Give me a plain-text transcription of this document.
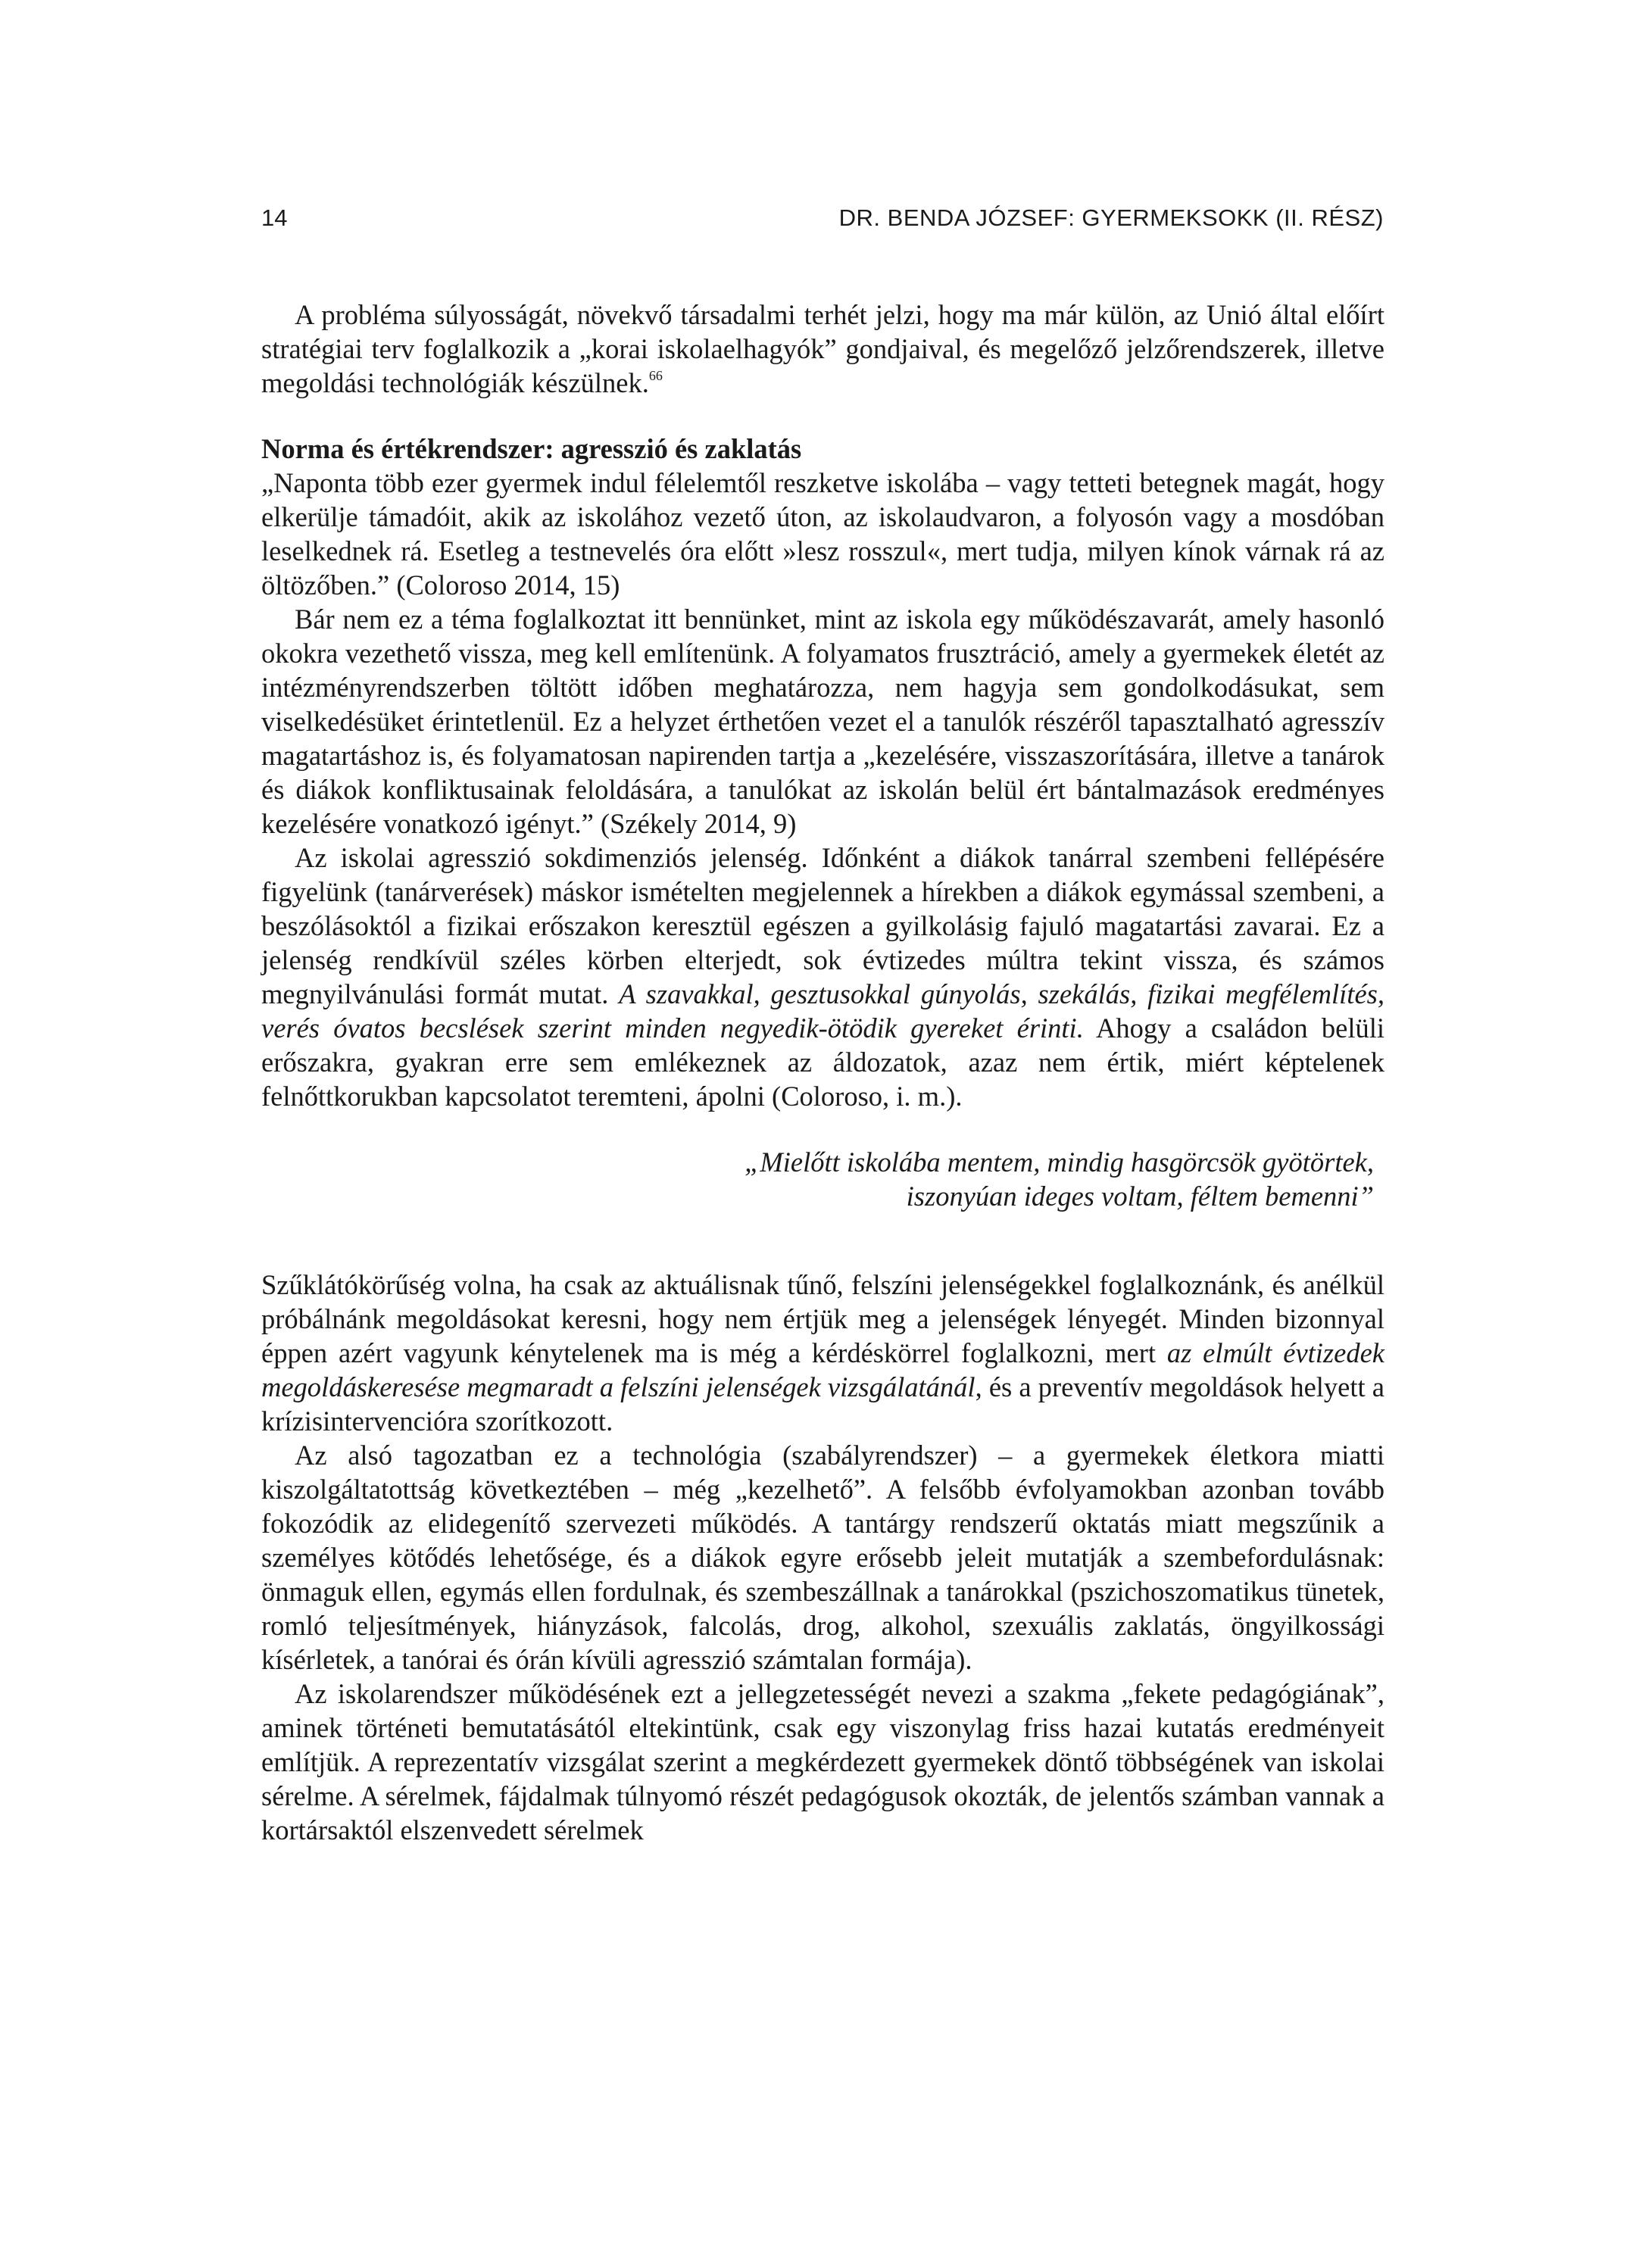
14	DR. BENDA JÓZSEF: GYERMEKSOKK (II. RÉSZ)

A probléma súlyosságát, növekvő társadalmi terhét jelzi, hogy ma már külön, az Unió által előírt stratégiai terv foglalkozik a „korai iskolaelhagyók” gondjaival, és megelőző jelzőrendszerek, illetve megoldási technológiák készülnek.$^{66}$

Norma és értékrendszer: agresszió és zaklatás

„Naponta több ezer gyermek indul félelemtől reszketve iskolába – vagy tetteti betegnek magát, hogy elkerülje támadóit, akik az iskolához vezető úton, az iskolaudvaron, a folyosón vagy a mosdóban leselkednek rá. Esetleg a testnevelés óra előtt »lesz rosszul«, mert tudja, milyen kínok várnak rá az öltözőben.” (Coloroso 2014, 15)

Bár nem ez a téma foglalkoztat itt bennünket, mint az iskola egy működészavarát, amely hasonló okokra vezethető vissza, meg kell említenünk. A folyamatos frusztráció, amely a gyermekek életét az intézményrendszerben töltött időben meghatározza, nem hagyja sem gondolkodásukat, sem viselkedésüket érintetlenül. Ez a helyzet érthetően vezet el a tanulók részéről tapasztalható agresszív magatartáshoz is, és folyamatosan napirenden tartja a „kezelésére, visszaszorítására, illetve a tanárok és diákok konfliktusainak feloldására, a tanulókat az iskolán belül ért bántalmazások eredményes kezelésére vonatkozó igényt.” (Székely 2014, 9)

Az iskolai agresszió sokdimenziós jelenség. Időnként a diákok tanárral szembeni fellépésére figyelünk (tanárverések) máskor ismételten megjelennek a hírekben a diákok egymással szembeni, a beszólásoktól a fizikai erőszakon keresztül egészen a gyilkolásig fajuló magatartási zavarai. Ez a jelenség rendkívül széles körben elterjedt, sok évtizedes múltra tekint vissza, és számos megnyilvánulási formát mutat. A szavakkal, gesztusokkal gúnyolás, szekálás, fizikai megfélemlítés, verés óvatos becslések szerint minden negyedik-ötödik gyereket érinti. Ahogy a családon belüli erőszakra, gyakran erre sem emlékeznek az áldozatok, azaz nem értik, miért képtelenek felnőttkorukban kapcsolatot teremteni, ápolni (Coloroso, i. m.).

„Mielőtt iskolába mentem, mindig hasgörcsök gyötörtek,
iszonyúan ideges voltam, féltem bemenni”

Szűklátókörűség volna, ha csak az aktuálisnak tűnő, felszíni jelenségekkel foglalkoznánk, és anélkül próbálnánk megoldásokat keresni, hogy nem értjük meg a jelenségek lényegét. Minden bizonnyal éppen azért vagyunk kénytelenek ma is még a kérdéskörrel foglalkozni, mert az elmúlt évtizedek megoldáskeresése megmaradt a felszíni jelenségek vizsgálatánál, és a preventív megoldások helyett a krízisintervencióra szorítkozott.

Az alsó tagozatban ez a technológia (szabályrendszer) – a gyermekek életkora miatti kiszolgáltatottság következtében – még „kezelhető”. A felsőbb évfolyamokban azonban tovább fokozódik az elidegenítő szervezeti működés. A tantárgy rendszerű oktatás miatt megszűnik a személyes kötődés lehetősége, és a diákok egyre erősebb jeleit mutatják a szembefordulásnak: önmaguk ellen, egymás ellen fordulnak, és szembeszállnak a tanárokkal (pszichoszomatikus tünetek, romló teljesítmények, hiányzások, falcolás, drog, alkohol, szexuális zaklatás, öngyilkossági kísérletek, a tanórai és órán kívüli agresszió számtalan formája).

Az iskolarendszer működésének ezt a jellegzetességét nevezi a szakma „fekete pedagógiának”, aminek történeti bemutatásától eltekintünk, csak egy viszonylag friss hazai kutatás eredményeit említjük. A reprezentatív vizsgálat szerint a megkérdezett gyermekek döntő többségének van iskolai sérelme. A sérelmek, fájdalmak túlnyomó részét pedagógusok okozták, de jelentős számban vannak a kortársaktól elszenvedett sérelmek
